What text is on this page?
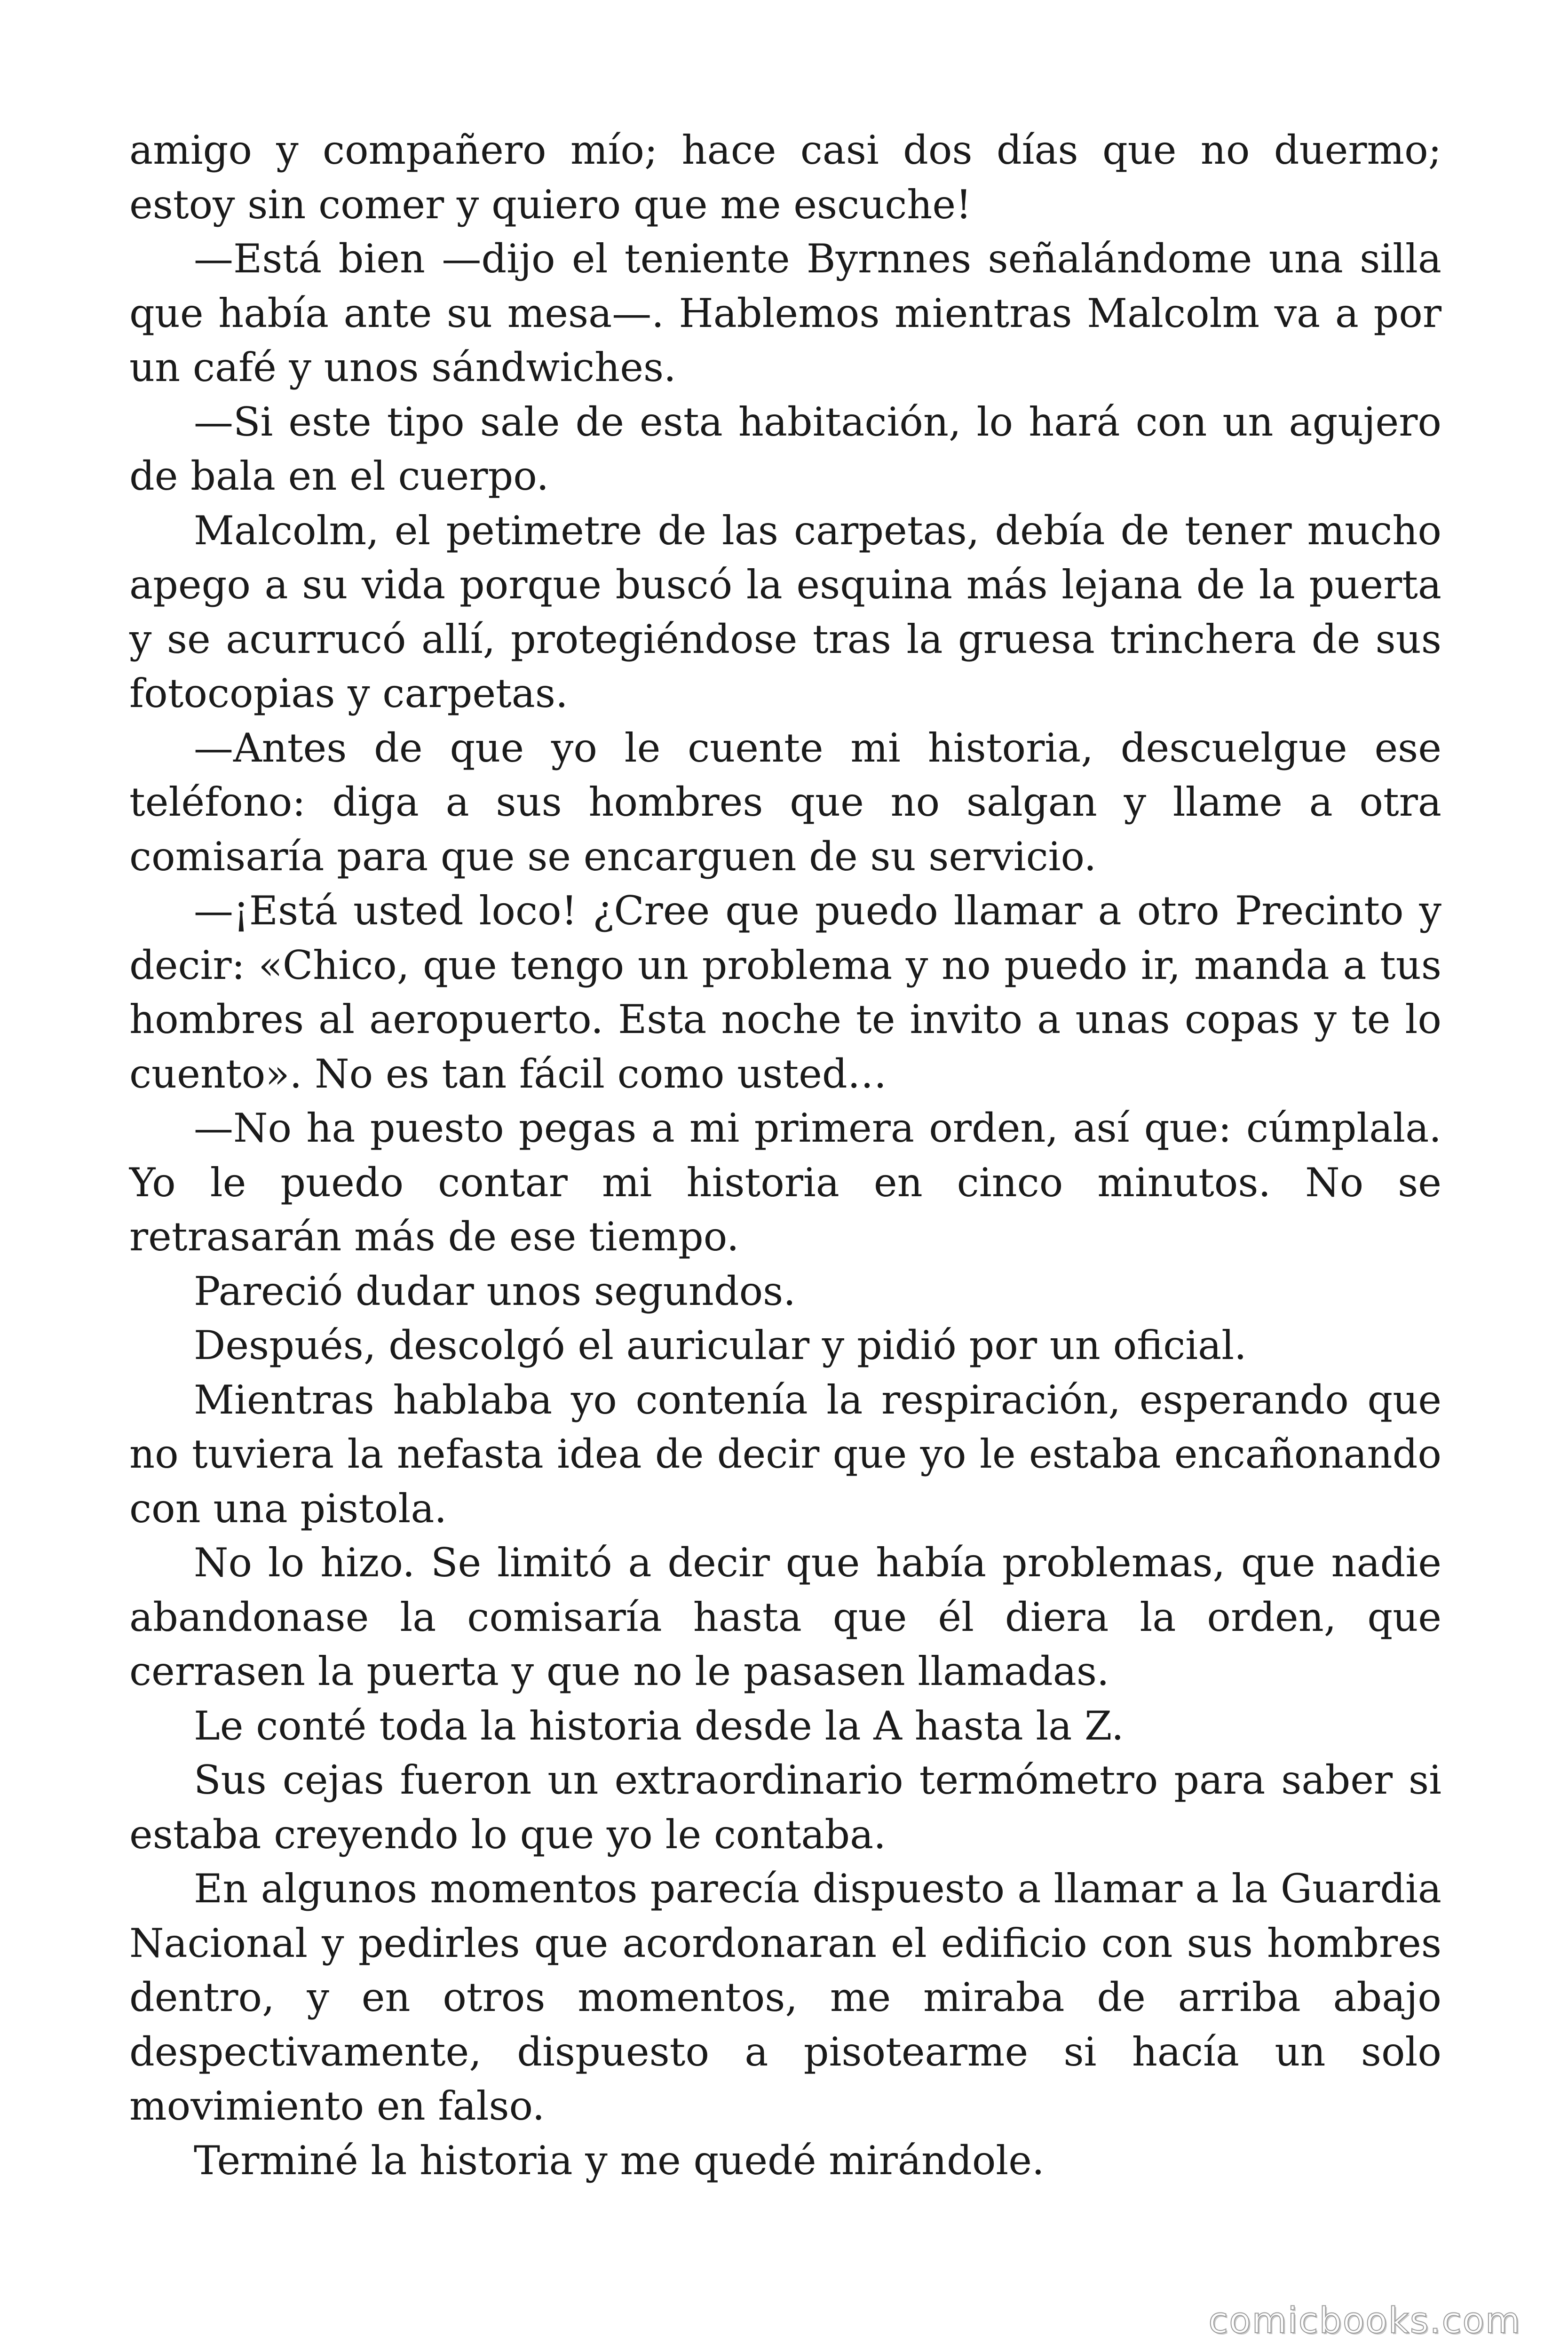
amigo y compañero mío; hace casi dos días que no duermo; estoy sin comer y quiero que me escuche!

—Está bien —dijo el teniente Byrnnes señalándome una silla que había ante su mesa—. Hablemos mientras Malcolm va a por un café y unos sándwiches.

—Si este tipo sale de esta habitación, lo hará con un agujero de bala en el cuerpo.

Malcolm, el petimetre de las carpetas, debía de tener mucho apego a su vida porque buscó la esquina más lejana de la puerta y se acurrucó allí, protegiéndose tras la gruesa trinchera de sus fotocopias y carpetas.

—Antes de que yo le cuente mi historia, descuelgue ese teléfono: diga a sus hombres que no salgan y llame a otra comisaría para que se encarguen de su servicio.

—¡Está usted loco! ¿Cree que puedo llamar a otro Precinto y decir: «Chico, que tengo un problema y no puedo ir, manda a tus hombres al aeropuerto. Esta noche te invito a unas copas y te lo cuento». No es tan fácil como usted…

—No ha puesto pegas a mi primera orden, así que: cúmplala. Yo le puedo contar mi historia en cinco minutos. No se retrasarán más de ese tiempo.

Pareció dudar unos segundos.

Después, descolgó el auricular y pidió por un oficial.

Mientras hablaba yo contenía la respiración, esperando que no tuviera la nefasta idea de decir que yo le estaba encañonando con una pistola.

No lo hizo. Se limitó a decir que había problemas, que nadie abandonase la comisaría hasta que él diera la orden, que cerrasen la puerta y que no le pasasen llamadas.

Le conté toda la historia desde la A hasta la Z.

Sus cejas fueron un extraordinario termómetro para saber si estaba creyendo lo que yo le contaba.

En algunos momentos parecía dispuesto a llamar a la Guardia Nacional y pedirles que acordonaran el edificio con sus hombres dentro, y en otros momentos, me miraba de arriba abajo despectivamente, dispuesto a pisotearme si hacía un solo movimiento en falso.

Terminé la historia y me quedé mirándole.

comicbooks.com
